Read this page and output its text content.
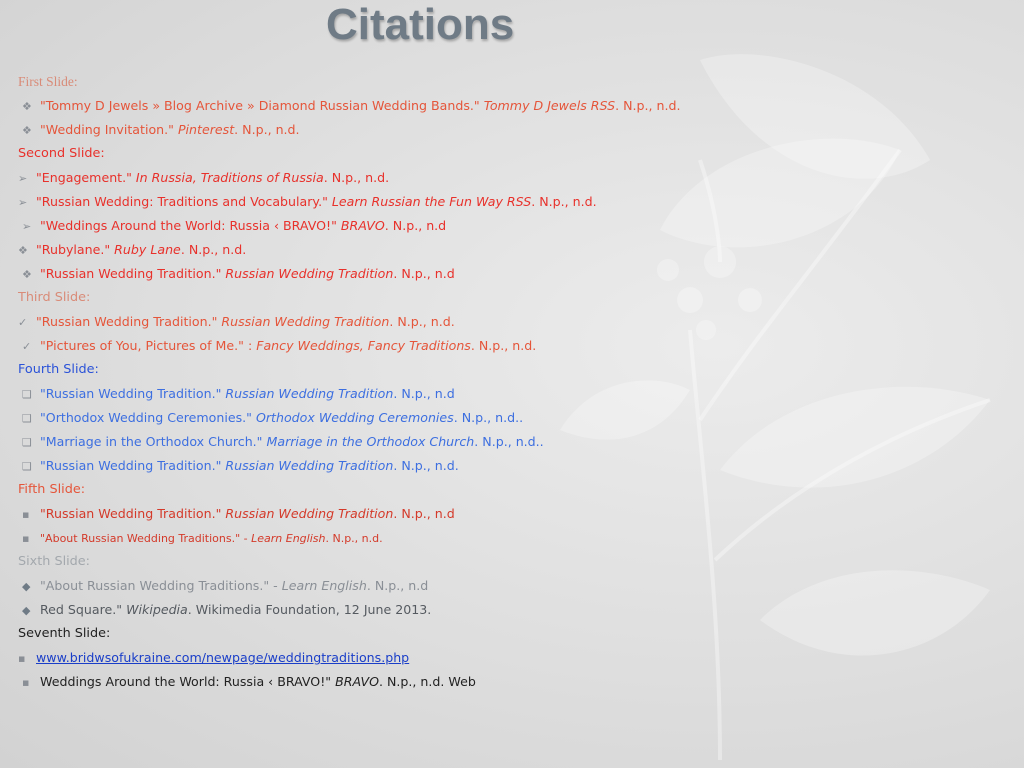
Citations
First Slide:
❖ "Tommy D Jewels » Blog Archive » Diamond Russian Wedding Bands." Tommy D Jewels RSS. N.p., n.d.
❖ "Wedding Invitation." Pinterest. N.p., n.d.
Second Slide:
➢ "Engagement." In Russia, Traditions of Russia. N.p., n.d.
➢ "Russian Wedding: Traditions and Vocabulary." Learn Russian the Fun Way RSS. N.p., n.d.
➢ "Weddings Around the World: Russia ‹ BRAVO!" BRAVO. N.p., n.d
❖ "Rubylane." Ruby Lane. N.p., n.d.
❖ "Russian Wedding Tradition." Russian Wedding Tradition. N.p., n.d
Third Slide:
✓ "Russian Wedding Tradition." Russian Wedding Tradition. N.p., n.d.
✓ "Pictures of You, Pictures of Me." : Fancy Weddings, Fancy Traditions. N.p., n.d.
Fourth Slide:
❑ "Russian Wedding Tradition." Russian Wedding Tradition. N.p., n.d
❑ "Orthodox Wedding Ceremonies." Orthodox Wedding Ceremonies. N.p., n.d..
❑ "Marriage in the Orthodox Church." Marriage in the Orthodox Church. N.p., n.d..
❑ "Russian Wedding Tradition." Russian Wedding Tradition. N.p., n.d.
Fifth Slide:
▪ "Russian Wedding Tradition." Russian Wedding Tradition. N.p., n.d
▪ "About Russian Wedding Traditions." - Learn English. N.p., n.d.
Sixth Slide:
◆ "About Russian Wedding Traditions." - Learn English. N.p., n.d
◆ Red Square." Wikipedia. Wikimedia Foundation, 12 June 2013.
Seventh Slide:
▪ www.bridwsofukraine.com/newpage/weddingtraditions.php
▪ Weddings Around the World: Russia ‹ BRAVO!" BRAVO. N.p., n.d. Web
